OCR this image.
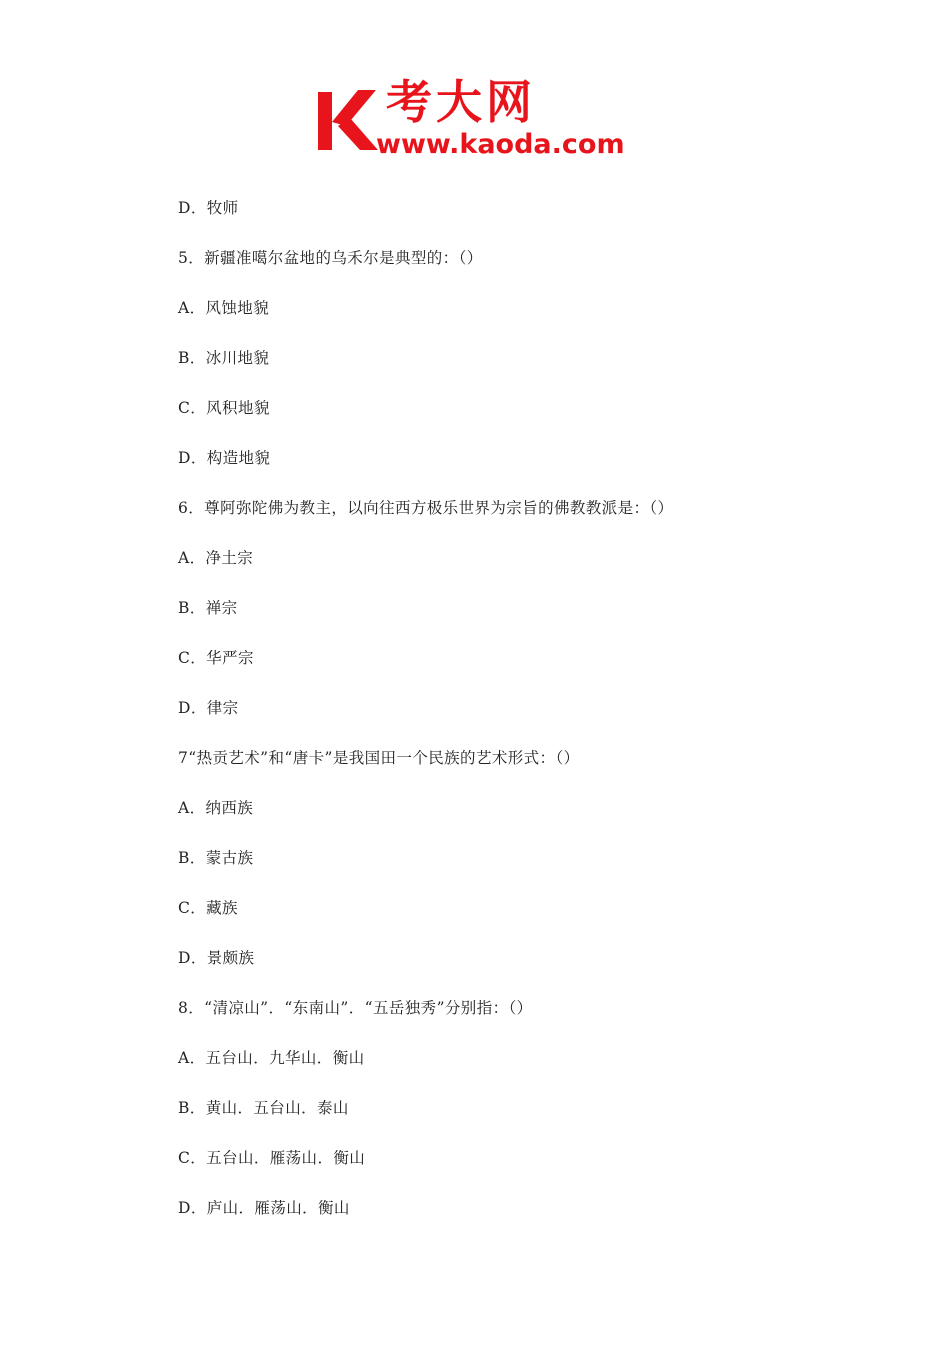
考大网
www.kaoda.com
D．牧师
5．新疆准噶尔盆地的乌禾尔是典型的：（）
A．风蚀地貌
B．冰川地貌
C．风积地貌
D．构造地貌
6．尊阿弥陀佛为教主，以向往西方极乐世界为宗旨的佛教教派是：（）
A．净土宗
B．禅宗
C．华严宗
D．律宗
7“热贡艺术”和“唐卡”是我国田一个民族的艺术形式：（）
A．纳西族
B．蒙古族
C．藏族
D．景颇族
8．“清凉山”．“东南山”．“五岳独秀”分别指：（）
A．五台山．九华山．衡山
B．黄山．五台山．泰山
C．五台山．雁荡山．衡山
D．庐山．雁荡山．衡山
